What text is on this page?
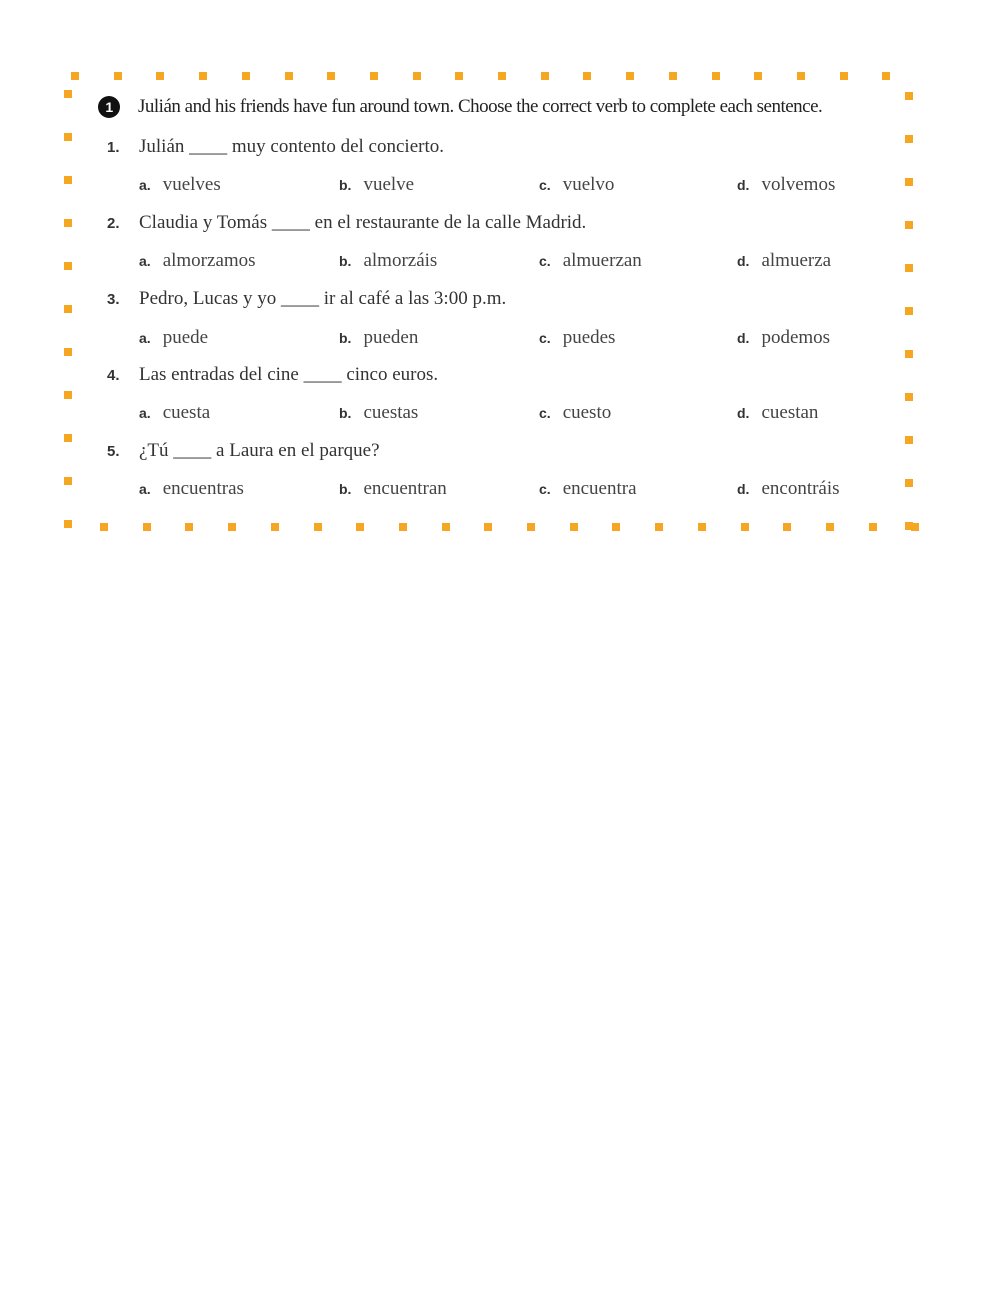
1	Julián and his friends have fun around town. Choose the correct verb to complete each sentence.
1.	Julián ____ muy contento del concierto.
a. vuelves	b. vuelve	c. vuelvo	d. volvemos
2.	Claudia y Tomás ____ en el restaurante de la calle Madrid.
a. almorzamos	b. almorzáis	c. almuerzan	d. almuerza
3.	Pedro, Lucas y yo ____ ir al café a las 3:00 p.m.
a. puede	b. pueden	c. puedes	d. podemos
4.	Las entradas del cine ____ cinco euros.
a. cuesta	b. cuestas	c. cuesto	d. cuestan
5.	¿Tú ____ a Laura en el parque?
a. encuentras	b. encuentran	c. encuentra	d. encontráis
